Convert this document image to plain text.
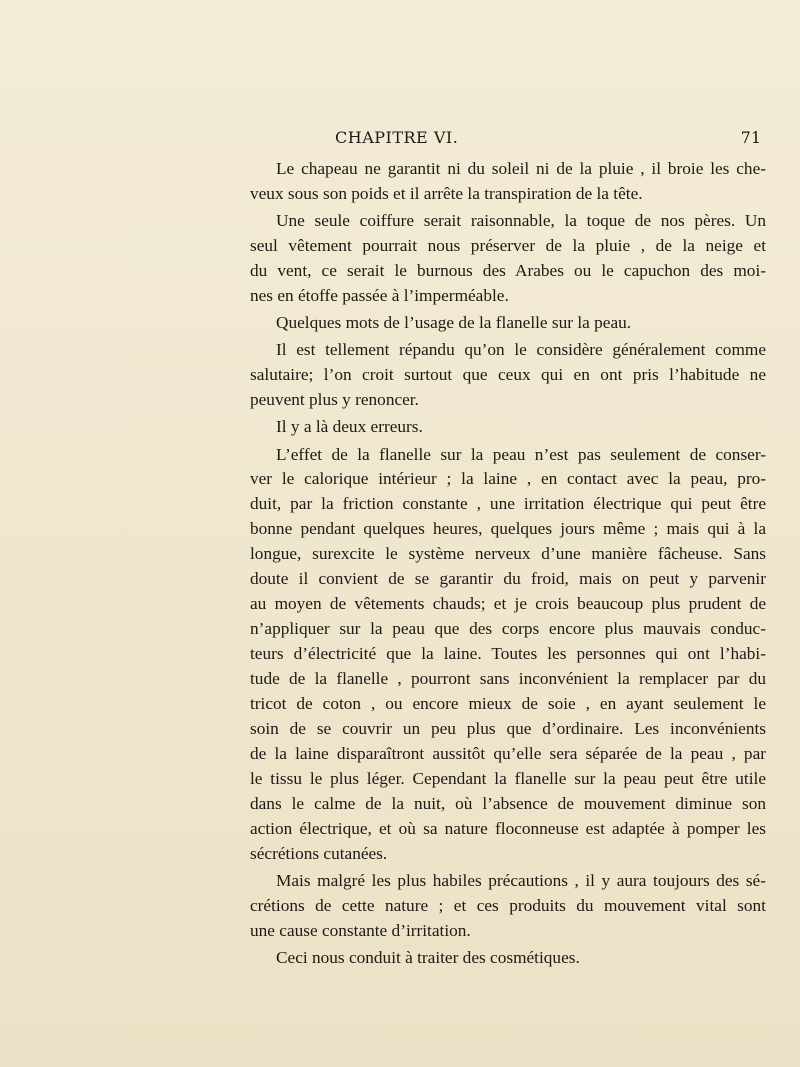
CHAPITRE VI.	71
Le chapeau ne garantit ni du soleil ni de la pluie , il broie les che-
veux sous son poids et il arrête la transpiration de la tête.
Une seule coiffure serait raisonnable, la toque de nos pères. Un
seul vêtement pourrait nous préserver de la pluie , de la neige et
du vent, ce serait le burnous des Arabes ou le capuchon des moi-
nes en étoffe passée à l’imperméable.
Quelques mots de l’usage de la flanelle sur la peau.
Il est tellement répandu qu’on le considère généralement comme
salutaire; l’on croit surtout que ceux qui en ont pris l’habitude ne
peuvent plus y renoncer.
Il y a là deux erreurs.
L’effet de la flanelle sur la peau n’est pas seulement de conser-
ver le calorique intérieur ; la laine , en contact avec la peau, pro-
duit, par la friction constante , une irritation électrique qui peut être
bonne pendant quelques heures, quelques jours même ; mais qui à la
longue, surexcite le système nerveux d’une manière fâcheuse. Sans
doute il convient de se garantir du froid, mais on peut y parvenir
au moyen de vêtements chauds; et je crois beaucoup plus prudent de
n’appliquer sur la peau que des corps encore plus mauvais conduc-
teurs d’électricité que la laine. Toutes les personnes qui ont l’habi-
tude de la flanelle , pourront sans inconvénient la remplacer par du
tricot de coton , ou encore mieux de soie , en ayant seulement le
soin de se couvrir un peu plus que d’ordinaire. Les inconvénients
de la laine disparaîtront aussitôt qu’elle sera séparée de la peau , par
le tissu le plus léger. Cependant la flanelle sur la peau peut être utile
dans le calme de la nuit, où l’absence de mouvement diminue son
action électrique, et où sa nature floconneuse est adaptée à pomper les
sécrétions cutanées.
Mais malgré les plus habiles précautions , il y aura toujours des sé-
crétions de cette nature ; et ces produits du mouvement vital sont
une cause constante d’irritation.
Ceci nous conduit à traiter des cosmétiques.
